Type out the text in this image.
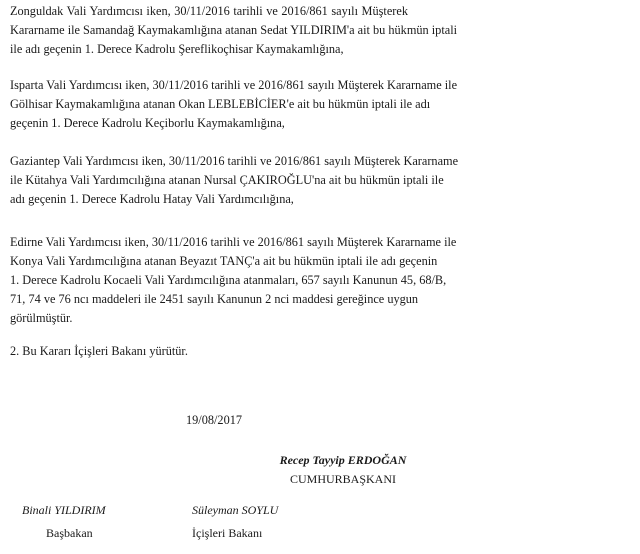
Zonguldak Vali Yardımcısı iken, 30/11/2016 tarihli ve 2016/861 sayılı Müşterek
Kararname ile Samandağ Kaymakamlığına atanan Sedat YILDIRIM'a ait bu hükmün iptali
ile adı geçenin 1. Derece Kadrolu Şereflikoçhisar Kaymakamlığına,
Isparta Vali Yardımcısı iken, 30/11/2016 tarihli ve 2016/861 sayılı Müşterek Kararname ile
Gölhisar Kaymakamlığına atanan Okan LEBLEBİCİER'e ait bu hükmün iptali ile adı
geçenin 1. Derece Kadrolu Keçiborlu Kaymakamlığına,
Gaziantep Vali Yardımcısı iken, 30/11/2016 tarihli ve 2016/861 sayılı Müşterek Kararname
ile Kütahya Vali Yardımcılığına atanan Nursal ÇAKIROĞLU'na ait bu hükmün iptali ile
adı geçenin 1. Derece Kadrolu Hatay Vali Yardımcılığına,
Edirne Vali Yardımcısı iken, 30/11/2016 tarihli ve 2016/861 sayılı Müşterek Kararname ile
Konya Vali Yardımcılığına atanan Beyazıt TANÇ'a ait bu hükmün iptali ile adı geçenin
1. Derece Kadrolu Kocaeli Vali Yardımcılığına atanmaları, 657 sayılı Kanunun 45, 68/B,
71, 74 ve 76 ncı maddeleri ile 2451 sayılı Kanunun 2 nci maddesi gereğince uygun
görülmüştür.
2. Bu Kararı İçişleri Bakanı yürütür.
19/08/2017
Recep Tayyip ERDOĞAN
CUMHURBAŞKANI
Binali YILDIRIM
Başbakan
Süleyman SOYLU
İçişleri Bakanı
